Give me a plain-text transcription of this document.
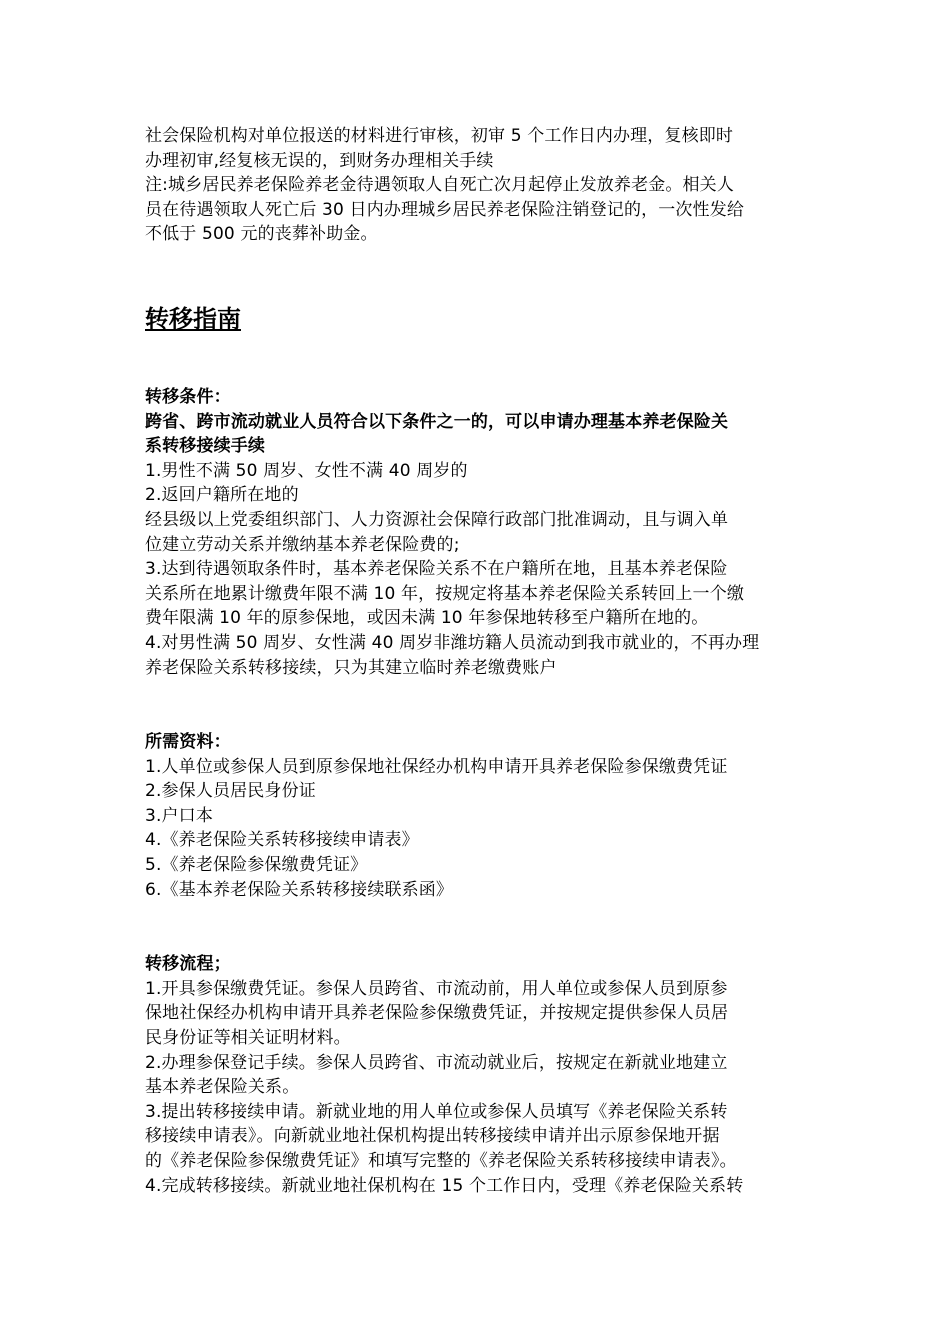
社会保险机构对单位报送的材料进行审核，初审 5 个工作日内办理，复核即时
办理初审,经复核无误的，到财务办理相关手续
注:城乡居民养老保险养老金待遇领取人自死亡次月起停止发放养老金。相关人
员在待遇领取人死亡后 30 日内办理城乡居民养老保险注销登记的，一次性发给
不低于 500 元的丧葬补助金。
转移指南
转移条件：
跨省、跨市流动就业人员符合以下条件之一的，可以申请办理基本养老保险关
系转移接续手续
1.男性不满 50 周岁、女性不满 40 周岁的
2.返回户籍所在地的
经县级以上党委组织部门、人力资源社会保障行政部门批准调动，且与调入单
位建立劳动关系并缴纳基本养老保险费的;
3.达到待遇领取条件时，基本养老保险关系不在户籍所在地，且基本养老保险
关系所在地累计缴费年限不满 10 年，按规定将基本养老保险关系转回上一个缴
费年限满 10 年的原参保地，或因未满 10 年参保地转移至户籍所在地的。
4.对男性满 50 周岁、女性满 40 周岁非潍坊籍人员流动到我市就业的，不再办理
养老保险关系转移接续，只为其建立临时养老缴费账户
所需资料：
1.人单位或参保人员到原参保地社保经办机构申请开具养老保险参保缴费凭证
2.参保人员居民身份证
3.户口本
4.《养老保险关系转移接续申请表》
5.《养老保险参保缴费凭证》
6.《基本养老保险关系转移接续联系函》
转移流程；
1.开具参保缴费凭证。参保人员跨省、市流动前，用人单位或参保人员到原参
保地社保经办机构申请开具养老保险参保缴费凭证，并按规定提供参保人员居
民身份证等相关证明材料。
2.办理参保登记手续。参保人员跨省、市流动就业后，按规定在新就业地建立
基本养老保险关系。
3.提出转移接续申请。新就业地的用人单位或参保人员填写《养老保险关系转
移接续申请表》。向新就业地社保机构提出转移接续申请并出示原参保地开据
的《养老保险参保缴费凭证》和填写完整的《养老保险关系转移接续申请表》。
4.完成转移接续。新就业地社保机构在 15 个工作日内，受理《养老保险关系转
